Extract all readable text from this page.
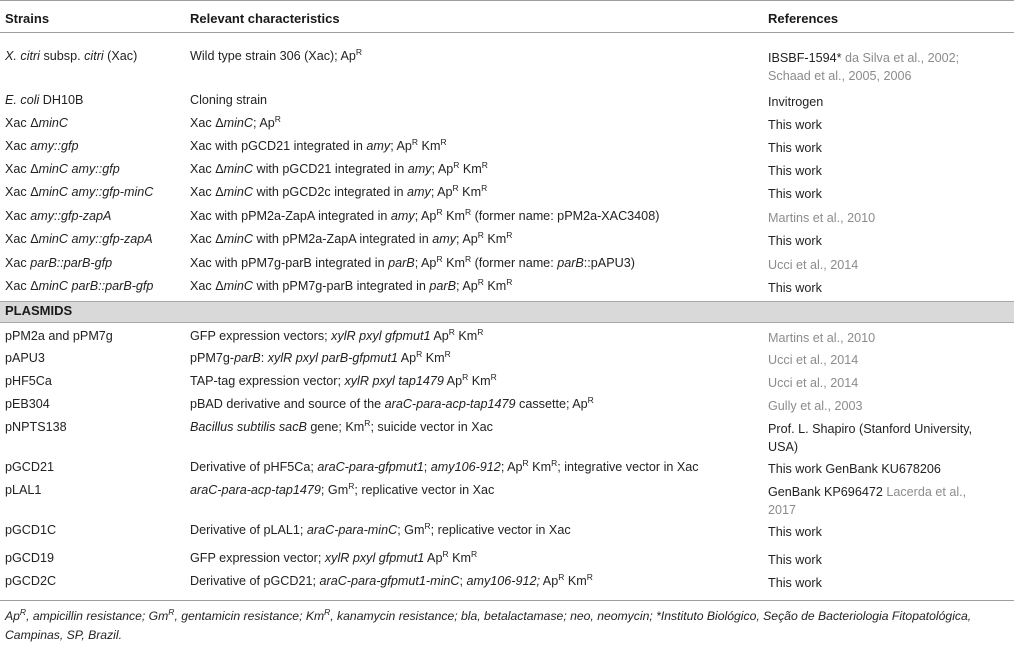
Strains	Relevant characteristics	References
X. citri subsp. citri (Xac)	Wild type strain 306 (Xac); $Ap^R$	IBSBF-1594* da Silva et al., 2002;
Schaad et al., 2005, 2006
E. coli DH10B	Cloning strain	Invitrogen
Xac ΔminC	Xac ΔminC; $Ap^R$	This work
Xac amy::gfp	Xac with pGCD21 integrated in amy; $Ap^R$ $Km^R$	This work
Xac ΔminC amy::gfp	Xac ΔminC with pGCD21 integrated in amy; $Ap^R$ $Km^R$	This work
Xac ΔminC amy::gfp-minC	Xac ΔminC with pGCD2c integrated in amy; $Ap^R$ $Km^R$	This work
Xac amy::gfp-zapA	Xac with pPM2a-ZapA integrated in amy; $Ap^R$ $Km^R$ (former name: pPM2a-XAC3408)	Martins et al., 2010
Xac ΔminC amy::gfp-zapA	Xac ΔminC with pPM2a-ZapA integrated in amy; $Ap^R$ $Km^R$	This work
Xac parB::parB-gfp	Xac with pPM7g-parB integrated in parB; $Ap^R$ $Km^R$ (former name: parB::pAPU3)	Ucci et al., 2014
Xac ΔminC parB::parB-gfp	Xac ΔminC with pPM7g-parB integrated in parB; $Ap^R$ $Km^R$	This work
PLASMIDS
pPM2a and pPM7g	GFP expression vectors; xylR pxyl gfpmut1 $Ap^R$ $Km^R$	Martins et al., 2010
pAPU3	pPM7g-parB: xylR pxyl parB-gfpmut1 $Ap^R$ $Km^R$	Ucci et al., 2014
pHF5Ca	TAP-tag expression vector; xylR pxyl tap1479 $Ap^R$ $Km^R$	Ucci et al., 2014
pEB304	pBAD derivative and source of the araC-para-acp-tap1479 cassette; $Ap^R$	Gully et al., 2003
pNPTS138	Bacillus subtilis sacB gene; $Km^R$; suicide vector in Xac	Prof. L. Shapiro (Stanford University,
USA)
pGCD21	Derivative of pHF5Ca; araC-para-gfpmut1; amy106-912; $Ap^R$ $Km^R$; integrative vector in Xac	This work GenBank KU678206
pLAL1	araC-para-acp-tap1479; $Gm^R$; replicative vector in Xac	GenBank KP696472 Lacerda et al.,
2017
pGCD1C	Derivative of pLAL1; araC-para-minC; $Gm^R$; replicative vector in Xac	This work
pGCD19	GFP expression vector; xylR pxyl gfpmut1 $Ap^R$ $Km^R$	This work
pGCD2C	Derivative of pGCD21; araC-para-gfpmut1-minC; amy106-912; $Ap^R$ $Km^R$	This work
$Ap^R$, ampicillin resistance; $Gm^R$, gentamicin resistance; $Km^R$, kanamycin resistance; bla, betalactamase; neo, neomycin; *Instituto Biológico, Seção de Bacteriologia Fitopatológica,
Campinas, SP, Brazil.
